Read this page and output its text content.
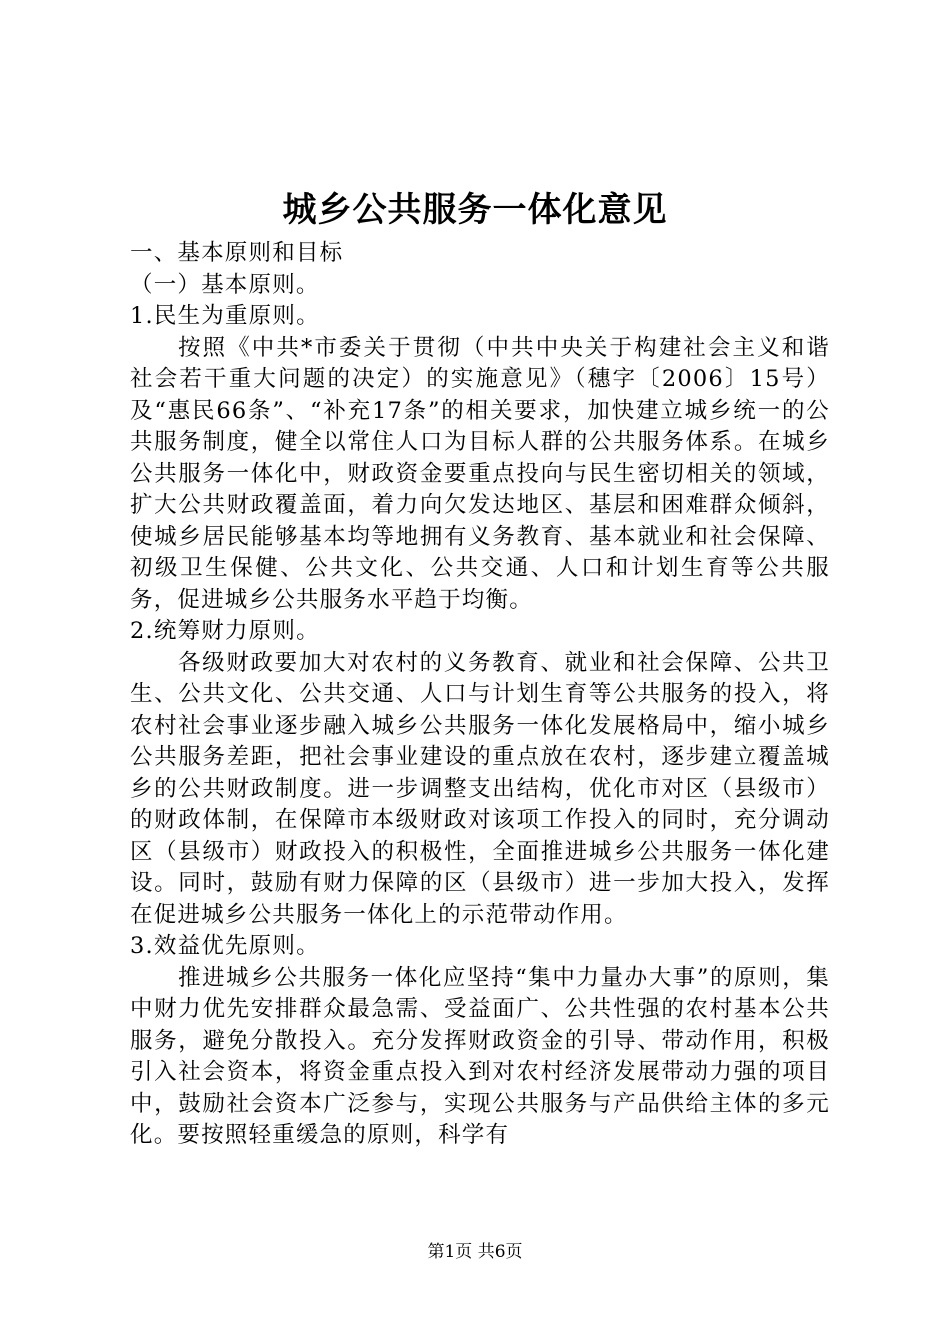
城乡公共服务一体化意见

一、基本原则和目标

（一）基本原则。

1.民生为重原则。

按照《中共*市委关于贯彻（中共中央关于构建社会主义和谐社会若干重大问题的决定）的实施意见》（穗字〔2006〕15号）及“惠民66条”、“补充17条”的相关要求，加快建立城乡统一的公共服务制度，健全以常住人口为目标人群的公共服务体系。在城乡公共服务一体化中，财政资金要重点投向与民生密切相关的领域，扩大公共财政覆盖面，着力向欠发达地区、基层和困难群众倾斜，使城乡居民能够基本均等地拥有义务教育、基本就业和社会保障、初级卫生保健、公共文化、公共交通、人口和计划生育等公共服务，促进城乡公共服务水平趋于均衡。

2.统筹财力原则。

各级财政要加大对农村的义务教育、就业和社会保障、公共卫生、公共文化、公共交通、人口与计划生育等公共服务的投入，将农村社会事业逐步融入城乡公共服务一体化发展格局中，缩小城乡公共服务差距，把社会事业建设的重点放在农村，逐步建立覆盖城乡的公共财政制度。进一步调整支出结构，优化市对区（县级市）的财政体制，在保障市本级财政对该项工作投入的同时，充分调动区（县级市）财政投入的积极性，全面推进城乡公共服务一体化建设。同时，鼓励有财力保障的区（县级市）进一步加大投入，发挥在促进城乡公共服务一体化上的示范带动作用。

3.效益优先原则。

推进城乡公共服务一体化应坚持“集中力量办大事”的原则，集中财力优先安排群众最急需、受益面广、公共性强的农村基本公共服务，避免分散投入。充分发挥财政资金的引导、带动作用，积极引入社会资本，将资金重点投入到对农村经济发展带动力强的项目中，鼓励社会资本广泛参与，实现公共服务与产品供给主体的多元化。要按照轻重缓急的原则，科学有

第1页 共6页
